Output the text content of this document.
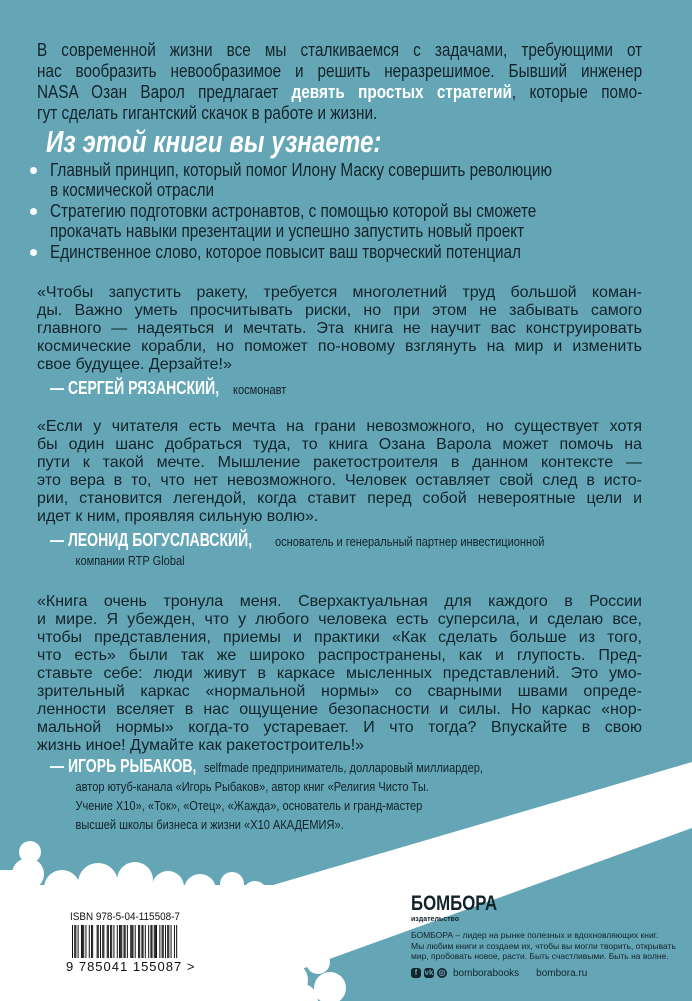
В современной жизни все мы сталкиваемся с задачами, требующими от
нас вообразить невообразимое и решить неразрешимое. Бывший инженер
NASA Озан Варол предлагает девять простых стратегий, которые помо-
гут сделать гигантский скачок в работе и жизни.
Из этой книги вы узнаете:
Главный принцип, который помог Илону Маску совершить революцию
в космической отрасли
Стратегию подготовки астронавтов, с помощью которой вы сможете
прокачать навыки презентации и успешно запустить новый проект
Единственное слово, которое повысит ваш творческий потенциал
«Чтобы запустить ракету, требуется многолетний труд большой коман-
ды. Важно уметь просчитывать риски, но при этом не забывать самого
главного — надеяться и мечтать. Эта книга не научит вас конструировать
космические корабли, но поможет по-новому взглянуть на мир и изменить
свое будущее. Дерзайте!»
— СЕРГЕЙ РЯЗАНСКИЙ,космонавт
«Если у читателя есть мечта на грани невозможного, но существует хотя
бы один шанс добраться туда, то книга Озана Варола может помочь на
пути к такой мечте. Мышление ракетостроителя в данном контексте —
это вера в то, что нет невозможного. Человек оставляет свой след в исто-
рии, становится легендой, когда ставит перед собой невероятные цели и
идет к ним, проявляя сильную волю».
— ЛЕОНИД БОГУСЛАВСКИЙ,основатель и генеральный партнер инвестиционной
компании RTP Global
«Книга очень тронула меня. Сверхактуальная для каждого в России
и мире. Я убежден, что у любого человека есть суперсила, и сделаю все,
чтобы представления, приемы и практики «Как сделать больше из того,
что есть» были так же широко распространены, как и глупость. Пред-
ставьте себе: люди живут в каркасе мысленных представлений. Это умо-
зрительный каркас «нормальной нормы» со сварными швами опреде-
ленности вселяет в нас ощущение безопасности и силы. Но каркас «нор-
мальной нормы» когда-то устаревает. И что тогда? Впускайте в свою
жизнь иное! Думайте как ракетостроитель!»
— ИГОРЬ РЫБАКОВ,selfmade предприниматель, долларовый миллиардер,
автор ютуб-канала «Игорь Рыбаков», автор книг «Религия Чисто Ты.
Учение Х10», «Ток», «Отец», «Жажда», основатель и гранд-мастер
высшей школы бизнеса и жизни «Х10 АКАДЕМИЯ».
ISBN 978-5-04-115508-7
9 785041 155087 >
БОМБОРА
издательство
БОМБОРА – лидер на рынке полезных и вдохновляющих книг.
Мы любим книги и создаем их, чтобы вы могли творить, открывать
мир, пробовать новое, расти. Быть счастливыми. Быть на волне.
f vk ◎ bomborabooks bombora.ru
